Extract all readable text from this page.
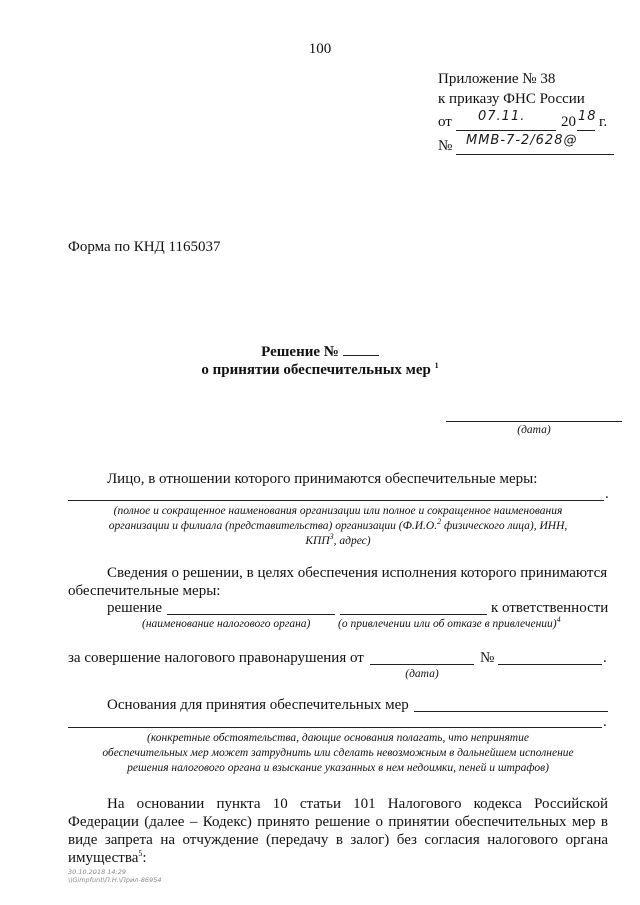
100
Приложение № 38
к приказу ФНС России
от 07.11. 20 18 г.
№ ММВ-7-2/628@
Форма по КНД 1165037
Решение №
о принятии обеспечительных мер $^1$
(дата)
Лицо, в отношении которого принимаются обеспечительные меры:
.
(полное и сокращенное наименования организации или полное и сокращенное наименования
организации и филиала (представительства) организации (Ф.И.О.$^2$ физического лица), ИНН,
КПП$^3$, адрес)
Сведения о решении, в целях обеспечения исполнения которого принимаются
обеспечительные меры:
решение	к ответственности
(наименование налогового органа) (о привлечении или об отказе в привлечении)$^4$
за совершение налогового правонарушения от	№	.
(дата)
Основания для принятия обеспечительных мер
.
(конкретные обстоятельства, дающие основания полагать, что непринятие
обеспечительных мер может затруднить или сделать невозможным в дальнейшем исполнение
решения налогового органа и взыскание указанных в нем недоимки, пеней и штрафов)
На основании пункта 10 статьи 101 Налогового кодекса Российской
Федерации (далее – Кодекс) принято решение о принятии обеспечительных мер в
виде запрета на отчуждение (передачу в залог) без согласия налогового органа
имущества$^5$:
30.10.2018 14:29
\\Gimpfunt\П.Н.\Прил-86954
